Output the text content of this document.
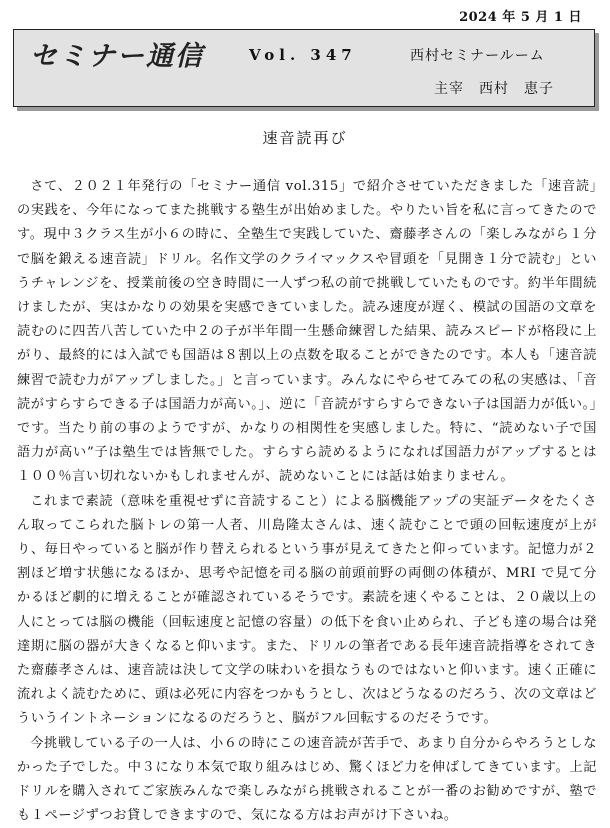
2024 年 5 月 1 日
セミナー通信	Vol. 347	西村セミナールーム
主宰　西村　恵子
速音読再び

さて、２０２１年発行の「セミナー通信 vol.315」で紹介させていただきました「速音読」の実践を、今年になってまた挑戦する塾生が出始めました。やりたい旨を私に言ってきたのです。現中３クラス生が小６の時に、全塾生で実践していた、齋藤孝さんの「楽しみながら１分で脳を鍛える速音読」ドリル。名作文学のクライマックスや冒頭を「見開き１分で読む」というチャレンジを、授業前後の空き時間に一人ずつ私の前で挑戦していたものです。約半年間続けましたが、実はかなりの効果を実感できていました。読み速度が遅く、模試の国語の文章を読むのに四苦八苦していた中２の子が半年間一生懸命練習した結果、読みスピードが格段に上がり、最終的には入試でも国語は８割以上の点数を取ることができたのです。本人も「速音読練習で読む力がアップしました。」と言っています。みんなにやらせてみての私の実感は、「音読がすらすらできる子は国語力が高い。」、逆に「音読がすらすらできない子は国語力が低い。」です。当たり前の事のようですが、かなりの相関性を実感しました。特に、“読めない子で国語力が高い”子は塾生では皆無でした。すらすら読めるようになれば国語力がアップするとは１００％言い切れないかもしれませんが、読めないことには話は始まりません。

これまで素読（意味を重視せずに音読すること）による脳機能アップの実証データをたくさん取ってこられた脳トレの第一人者、川島隆太さんは、速く読むことで頭の回転速度が上がり、毎日やっていると脳が作り替えられるという事が見えてきたと仰っています。記憶力が２割ほど増す状態になるほか、思考や記憶を司る脳の前頭前野の両側の体積が、MRI で見て分かるほど劇的に増えることが確認されているそうです。素読を速くやることは、２０歳以上の人にとっては脳の機能（回転速度と記憶の容量）の低下を食い止められ、子ども達の場合は発達期に脳の器が大きくなると仰います。また、ドリルの筆者である長年速音読指導をされてきた齋藤孝さんは、速音読は決して文学の味わいを損なうものではないと仰います。速く正確に流れよく読むために、頭は必死に内容をつかもうとし、次はどうなるのだろう、次の文章はどういうイントネーションになるのだろうと、脳がフル回転するのだそうです。

今挑戦している子の一人は、小６の時にこの速音読が苦手で、あまり自分からやろうとしなかった子でした。中３になり本気で取り組みはじめ、驚くほど力を伸ばしてきています。上記ドリルを購入されてご家族みんなで楽しみながら挑戦されることが一番のお勧めですが、塾でも１ページずつお貸しできますので、気になる方はお声がけ下さいね。
